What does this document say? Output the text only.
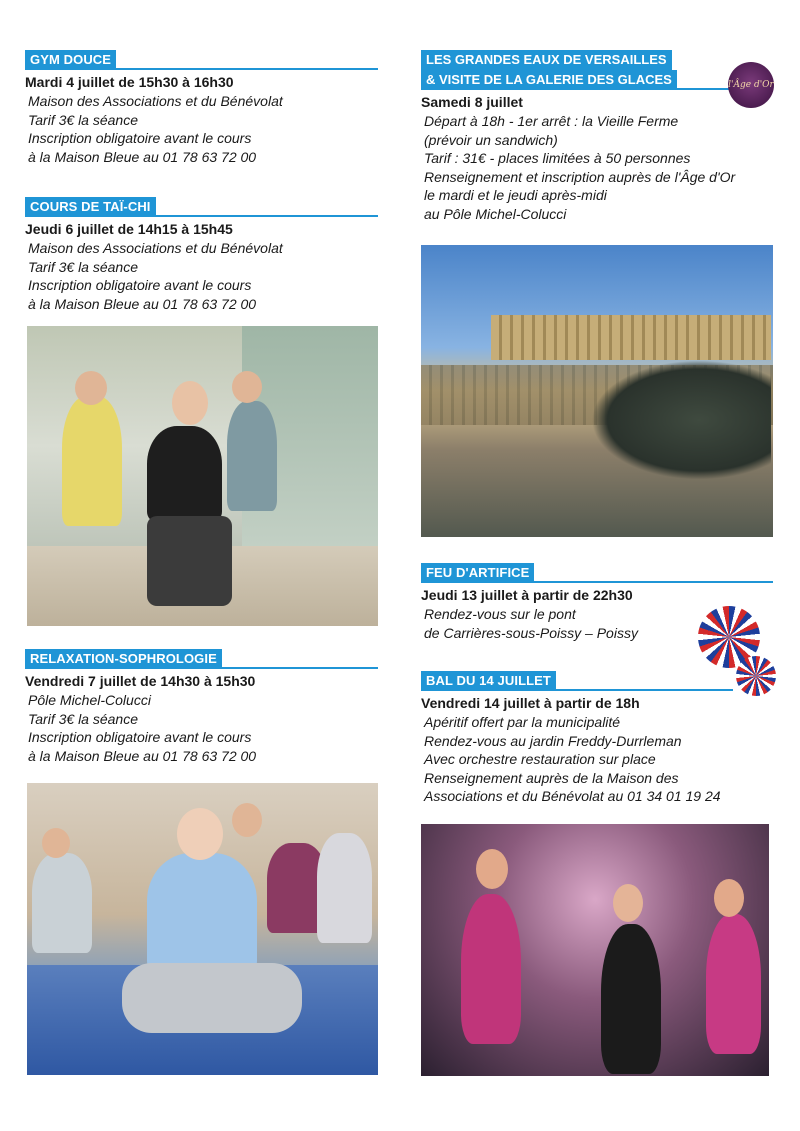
GYM DOUCE
Mardi 4 juillet de 15h30 à 16h30
Maison des Associations et du Bénévolat
Tarif 3€ la séance
Inscription obligatoire avant le cours
à la Maison Bleue au 01 78 63 72 00
COURS DE TAÏ-CHI
Jeudi 6 juillet de 14h15 à 15h45
Maison des Associations et du Bénévolat
Tarif 3€ la séance
Inscription obligatoire avant le cours
à la Maison Bleue au 01 78 63 72 00
RELAXATION-SOPHROLOGIE
Vendredi 7 juillet de 14h30 à 15h30
Pôle Michel-Colucci
Tarif 3€ la séance
Inscription obligatoire avant le cours
à la Maison Bleue au 01 78 63 72 00
LES GRANDES EAUX DE VERSAILLES
& VISITE DE LA GALERIE DES GLACES
Samedi 8 juillet
Départ à 18h - 1er arrêt : la Vieille Ferme
(prévoir un sandwich)
Tarif : 31€ - places limitées à 50 personnes
Renseignement et inscription auprès de l'Âge d'Or
le mardi et le jeudi après-midi
au Pôle Michel-Colucci
l'Âge d'Or
FEU D'ARTIFICE
Jeudi 13 juillet à partir de 22h30
Rendez-vous sur le pont
de Carrières-sous-Poissy – Poissy
BAL DU 14 JUILLET
Vendredi 14 juillet à partir de 18h
Apéritif offert par la municipalité
Rendez-vous au jardin Freddy-Durrleman
Avec orchestre restauration sur place
Renseignement auprès de la Maison des
Associations et du Bénévolat au 01 34 01 19 24
